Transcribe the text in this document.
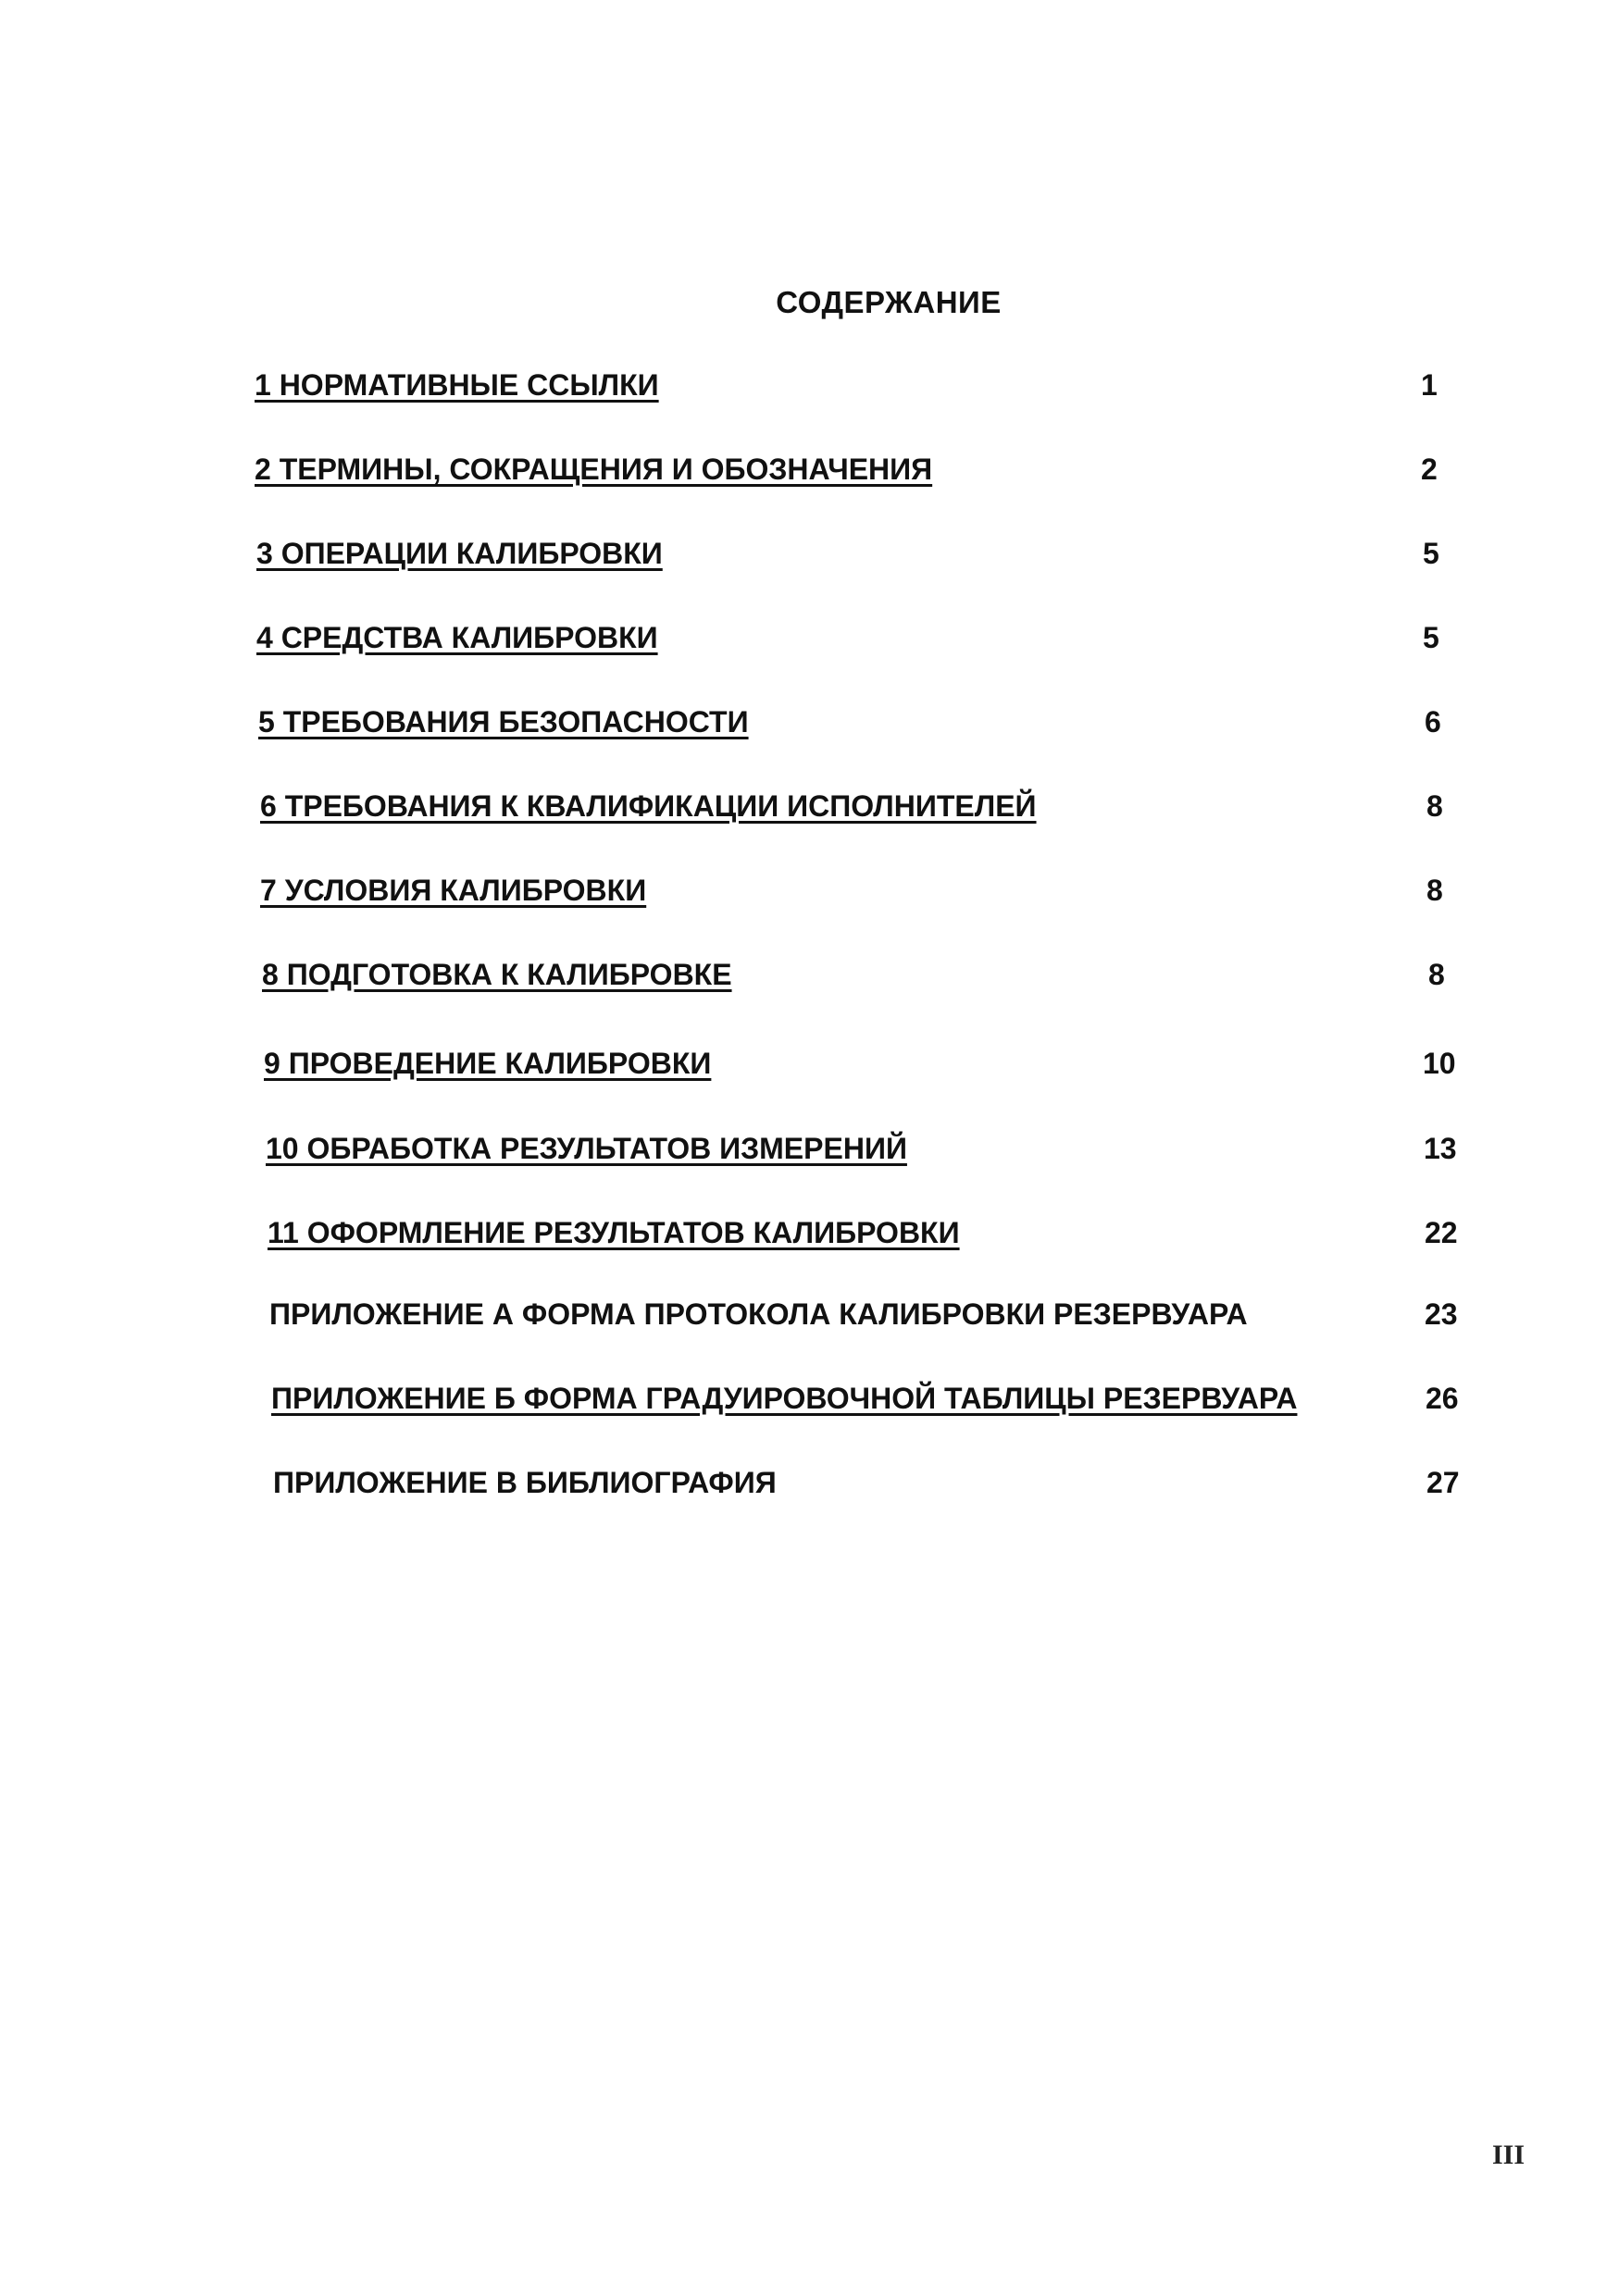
СОДЕРЖАНИЕ
1 НОРМАТИВНЫЕ ССЫЛКИ	1
2 ТЕРМИНЫ, СОКРАЩЕНИЯ И ОБОЗНАЧЕНИЯ	2
3 ОПЕРАЦИИ КАЛИБРОВКИ	5
4 СРЕДСТВА КАЛИБРОВКИ	5
5 ТРЕБОВАНИЯ БЕЗОПАСНОСТИ	6
6 ТРЕБОВАНИЯ К КВАЛИФИКАЦИИ ИСПОЛНИТЕЛЕЙ	8
7 УСЛОВИЯ КАЛИБРОВКИ	8
8 ПОДГОТОВКА К КАЛИБРОВКЕ	8
9 ПРОВЕДЕНИЕ КАЛИБРОВКИ	10
10 ОБРАБОТКА РЕЗУЛЬТАТОВ ИЗМЕРЕНИЙ	13
11 ОФОРМЛЕНИЕ РЕЗУЛЬТАТОВ КАЛИБРОВКИ	22
ПРИЛОЖЕНИЕ А ФОРМА ПРОТОКОЛА КАЛИБРОВКИ РЕЗЕРВУАРА	23
ПРИЛОЖЕНИЕ Б ФОРМА ГРАДУИРОВОЧНОЙ ТАБЛИЦЫ РЕЗЕРВУАРА	26
ПРИЛОЖЕНИЕ В БИБЛИОГРАФИЯ	27
III
